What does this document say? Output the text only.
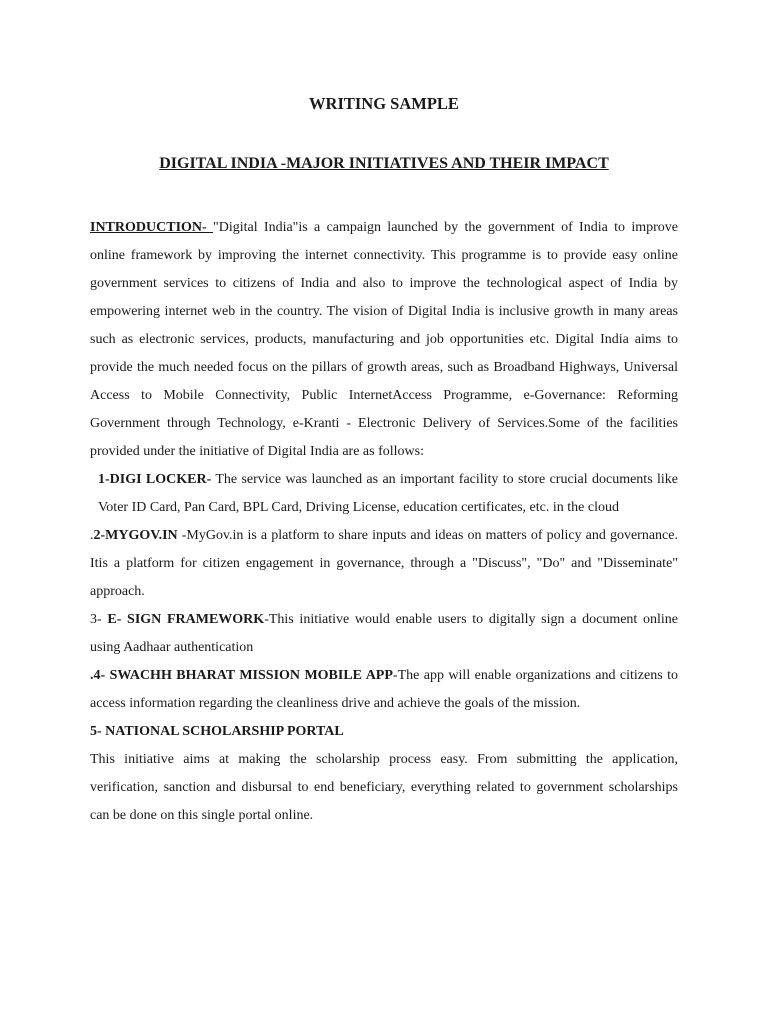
WRITING SAMPLE
DIGITAL INDIA -MAJOR INITIATIVES AND THEIR IMPACT

INTRODUCTION- "Digital India"is a campaign launched by the government of India to improve online framework by improving the internet connectivity. This programme is to provide easy online government services to citizens of India and also to improve the technological aspect of India by empowering internet web in the country. The vision of Digital India is inclusive growth in many areas such as electronic services, products, manufacturing and job opportunities etc. Digital India aims to provide the much needed focus on the pillars of growth areas, such as Broadband Highways, Universal Access to Mobile Connectivity, Public InternetAccess Programme, e-Governance: Reforming Government through Technology, e-Kranti - Electronic Delivery of Services.Some of the facilities provided under the initiative of Digital India are as follows:

1-DIGI LOCKER- The service was launched as an important facility to store crucial documents like Voter ID Card, Pan Card, BPL Card, Driving License, education certificates, etc. in the cloud

.2-MYGOV.IN -MyGov.in is a platform to share inputs and ideas on matters of policy and governance. Itis a platform for citizen engagement in governance, through a "Discuss", "Do" and "Disseminate" approach.

3- E- SIGN FRAMEWORK-This initiative would enable users to digitally sign a document online using Aadhaar authentication

.4- SWACHH BHARAT MISSION MOBILE APP-The app will enable organizations and citizens to access information regarding the cleanliness drive and achieve the goals of the mission.

5- NATIONAL SCHOLARSHIP PORTAL

This initiative aims at making the scholarship process easy. From submitting the application, verification, sanction and disbursal to end beneficiary, everything related to government scholarships can be done on this single portal online.
